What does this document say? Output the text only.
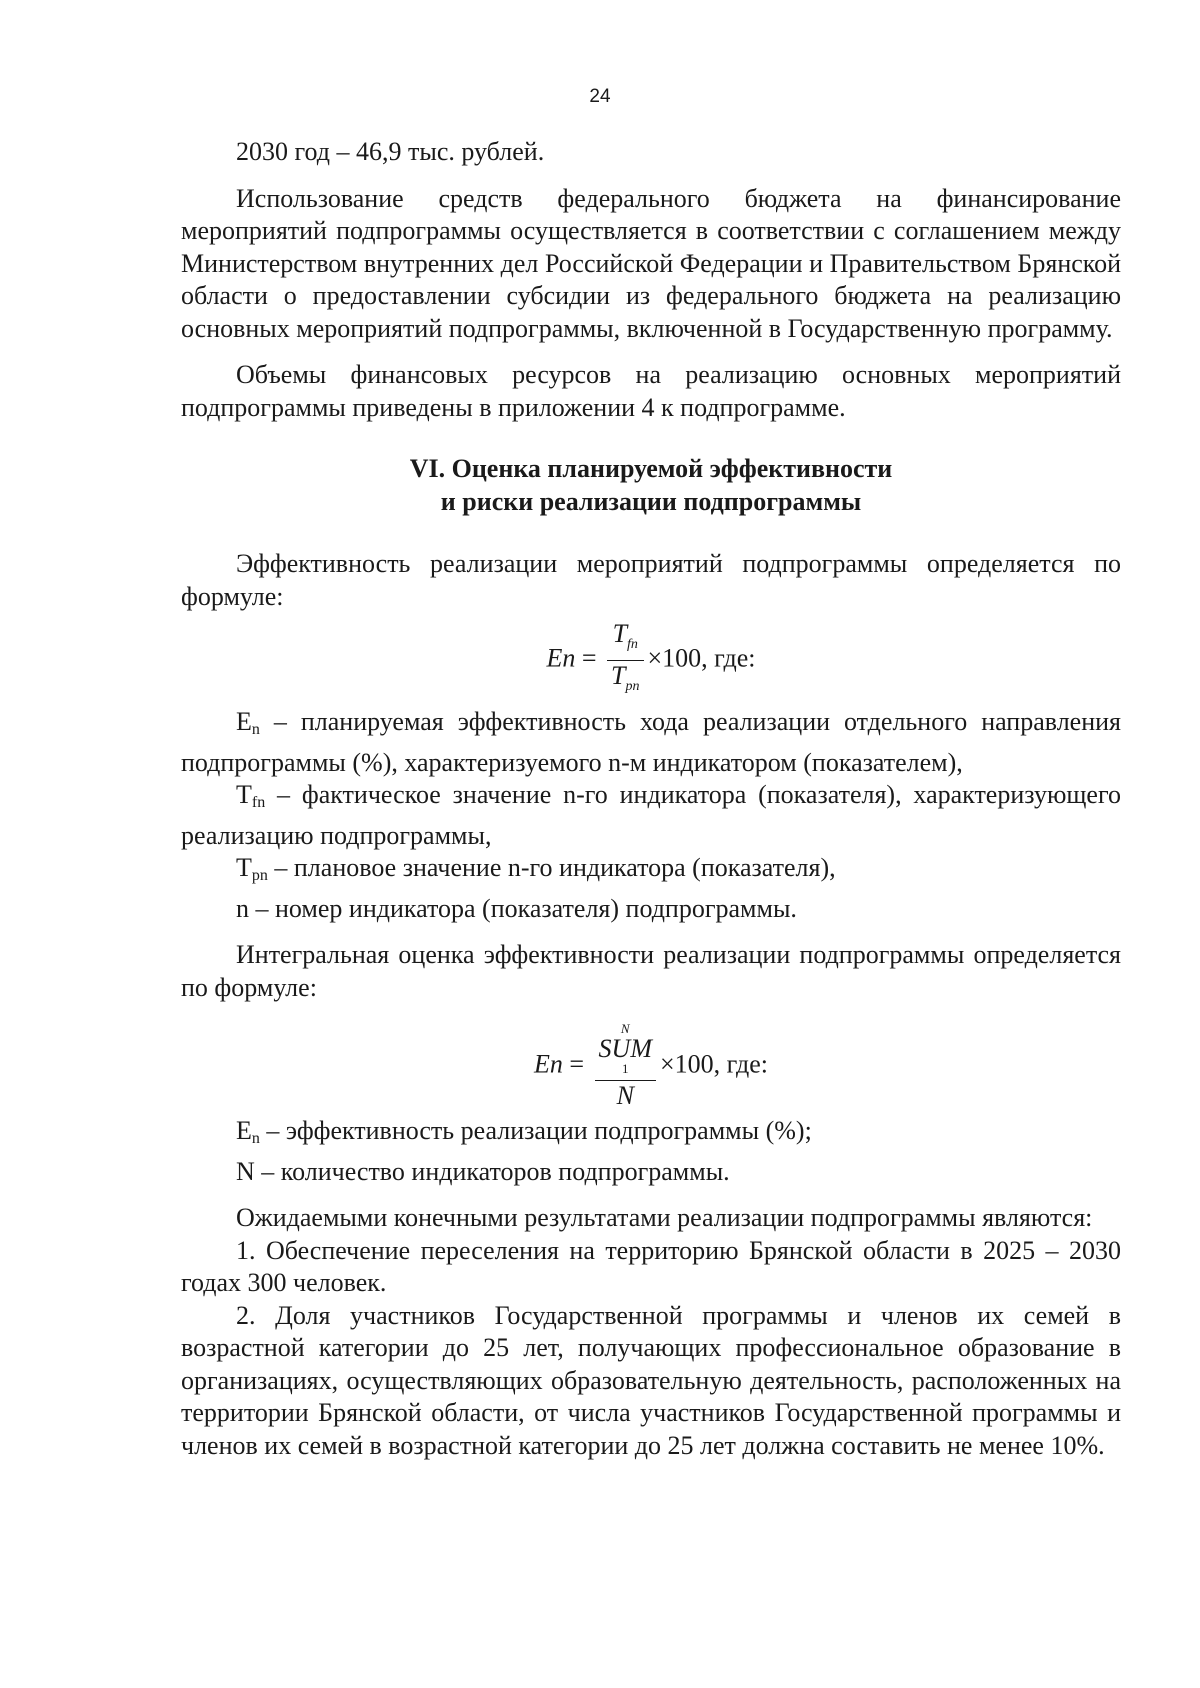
24

2030 год – 46,9 тыс. рублей.

Использование средств федерального бюджета на финансирование мероприятий подпрограммы осуществляется в соответствии с соглашением между Министерством внутренних дел Российской Федерации и Правительством Брянской области о предоставлении субсидии из федерального бюджета на реализацию основных мероприятий подпрограммы, включенной в Государственную программу.

Объемы финансовых ресурсов на реализацию основных мероприятий подпрограммы приведены в приложении 4 к подпрограмме.

VI. Оценка планируемой эффективности
и риски реализации подпрограммы

Эффективность реализации мероприятий подпрограммы определяется по формуле:

$En = \frac{T_{fn}}{T_{pn}} \times 100$, где:

En – планируемая эффективность хода реализации отдельного направления подпрограммы (%), характеризуемого n-м индикатором (показателем),

Tfn – фактическое значение n-го индикатора (показателя), характеризующего реализацию подпрограммы,

Tpn – плановое значение n-го индикатора (показателя),

n – номер индикатора (показателя) подпрограммы.

Интегральная оценка эффективности реализации подпрограммы определяется по формуле:

En = N
SUM
1
N ×100, где:

En – эффективность реализации подпрограммы (%);

N – количество индикаторов подпрограммы.

Ожидаемыми конечными результатами реализации подпрограммы являются:

1. Обеспечение переселения на территорию Брянской области в 2025 – 2030 годах 300 человек.

2. Доля участников Государственной программы и членов их семей в возрастной категории до 25 лет, получающих профессиональное образование в организациях, осуществляющих образовательную деятельность, расположенных на территории Брянской области, от числа участников Государственной программы и членов их семей в возрастной категории до 25 лет должна составить не менее 10%.
